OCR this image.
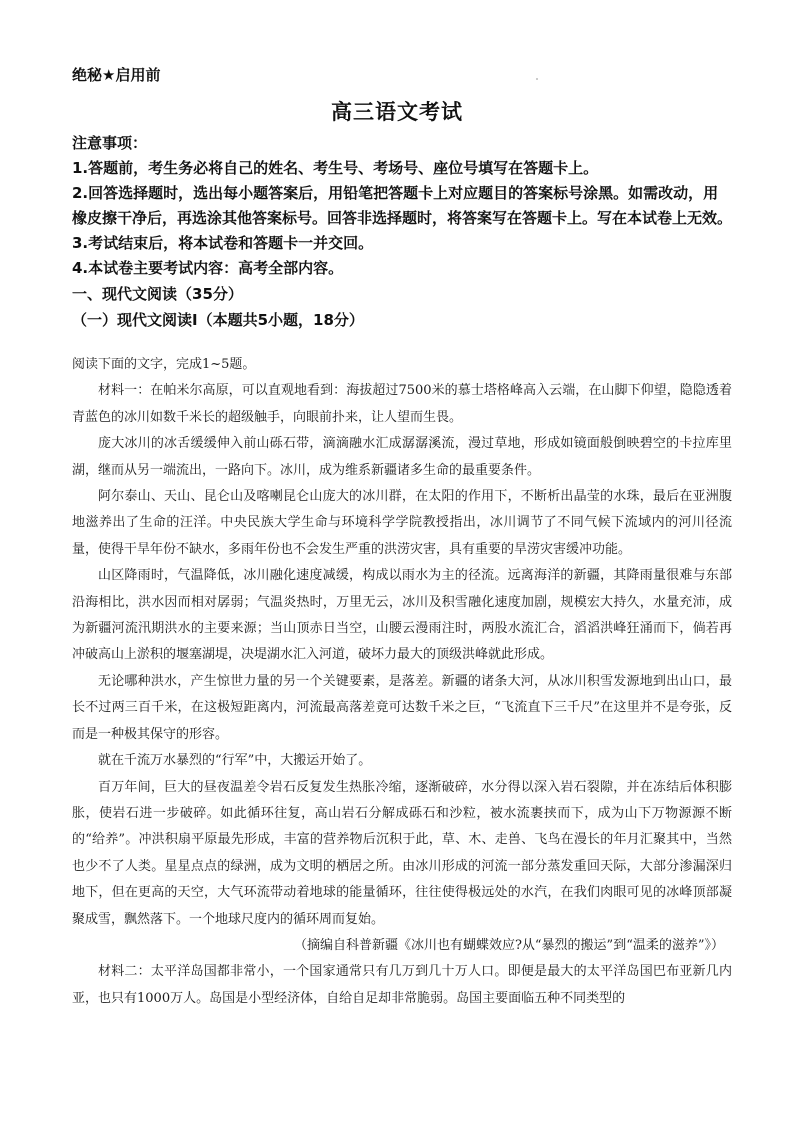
绝秘★启用前
高三语文考试

注意事项：

1.答题前，考生务必将自己的姓名、考生号、考场号、座位号填写在答题卡上。

2.回答选择题时，选出每小题答案后，用铅笔把答题卡上对应题目的答案标号涂黑。如需改动，用橡皮擦干净后，再选涂其他答案标号。回答非选择题时，将答案写在答题卡上。写在本试卷上无效。

3.考试结束后，将本试卷和答题卡一并交回。

4.本试卷主要考试内容：高考全部内容。

一、现代文阅读（35分）

（一）现代文阅读Ⅰ（本题共5小题，18分）

阅读下面的文字，完成1~5题。

材料一：在帕米尔高原，可以直观地看到：海拔超过7500米的慕士塔格峰高入云端，在山脚下仰望，隐隐透着青蓝色的冰川如数千米长的超级触手，向眼前扑来，让人望而生畏。

庞大冰川的冰舌缓缓伸入前山砾石带，滴滴融水汇成潺潺溪流，漫过草地，形成如镜面般倒映碧空的卡拉库里湖，继而从另一端流出，一路向下。冰川，成为维系新疆诸多生命的最重要条件。

阿尔泰山、天山、昆仑山及喀喇昆仑山庞大的冰川群，在太阳的作用下，不断析出晶莹的水珠，最后在亚洲腹地滋养出了生命的汪洋。中央民族大学生命与环境科学学院教授指出，冰川调节了不同气候下流域内的河川径流量，使得干旱年份不缺水，多雨年份也不会发生严重的洪涝灾害，具有重要的旱涝灾害缓冲功能。

山区降雨时，气温降低，冰川融化速度减缓，构成以雨水为主的径流。远离海洋的新疆，其降雨量很难与东部沿海相比，洪水因而相对孱弱；气温炎热时，万里无云，冰川及积雪融化速度加剧，规模宏大持久，水量充沛，成为新疆河流汛期洪水的主要来源；当山顶赤日当空，山腰云漫雨注时，两股水流汇合，滔滔洪峰狂涌而下，倘若再冲破高山上淤积的堰塞湖堤，决堤湖水汇入河道，破坏力最大的顶级洪峰就此形成。

无论哪种洪水，产生惊世力量的另一个关键要素，是落差。新疆的诸条大河，从冰川积雪发源地到出山口，最长不过两三百千米，在这极短距离内，河流最高落差竟可达数千米之巨，“飞流直下三千尺”在这里并不是夸张，反而是一种极其保守的形容。

就在千流万水暴烈的“行军”中，大搬运开始了。

百万年间，巨大的昼夜温差令岩石反复发生热胀冷缩，逐渐破碎，水分得以深入岩石裂隙，并在冻结后体积膨胀，使岩石进一步破碎。如此循环往复，高山岩石分解成砾石和沙粒，被水流裹挟而下，成为山下万物源源不断的“给养”。冲洪积扇平原最先形成，丰富的营养物后沉积于此，草、木、走兽、飞鸟在漫长的年月汇聚其中，当然也少不了人类。星星点点的绿洲，成为文明的栖居之所。由冰川形成的河流一部分蒸发重回天际，大部分渗漏深归地下，但在更高的天空，大气环流带动着地球的能量循环，往往使得极远处的水汽，在我们肉眼可见的冰峰顶部凝聚成雪，飘然落下。一个地球尺度内的循环周而复始。

（摘编自科普新疆《冰川也有蝴蝶效应?从“暴烈的搬运”到“温柔的滋养”》）

材料二：太平洋岛国都非常小，一个国家通常只有几万到几十万人口。即便是最大的太平洋岛国巴布亚新几内亚，也只有1000万人。岛国是小型经济体，自给自足却非常脆弱。岛国主要面临五种不同类型的
